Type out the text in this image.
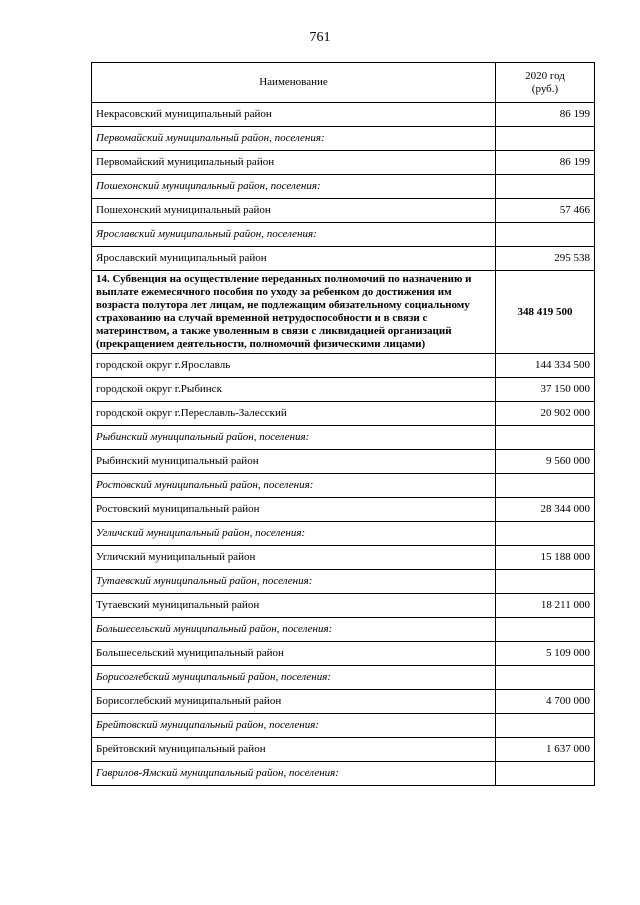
761
Наименование	2020 год
(руб.)

Некрасовский муниципальный район	86 199
Первомайский муниципальный район, поселения:	
Первомайский муниципальный район	86 199
Пошехонский муниципальный район, поселения:	
Пошехонский муниципальный район	57 466
Ярославский муниципальный район, поселения:	
Ярославский муниципальный район	295 538
14. Субвенция на осуществление переданных полномочий по назначению и выплате ежемесячного пособия по уходу за ребенком до достижения им возраста полутора лет лицам, не подлежащим обязательному социальному страхованию на случай временной нетрудоспособности и в связи с материнством, а также уволенным в связи с ликвидацией организаций (прекращением деятельности, полномочий физическими лицами)	348 419 500
городской округ г.Ярославль	144 334 500
городской округ г.Рыбинск	37 150 000
городской округ г.Переславль-Залесский	20 902 000
Рыбинский муниципальный район, поселения:	
Рыбинский муниципальный район	9 560 000
Ростовский муниципальный район, поселения:	
Ростовский муниципальный район	28 344 000
Угличский муниципальный район, поселения:	
Угличский муниципальный район	15 188 000
Тутаевский муниципальный район, поселения:	
Тутаевский муниципальный район	18 211 000
Большесельский муниципальный район, поселения:	
Большесельский муниципальный район	5 109 000
Борисоглебский муниципальный район, поселения:	
Борисоглебский муниципальный район	4 700 000
Брейтовский муниципальный район, поселения:	
Брейтовский муниципальный район	1 637 000
Гаврилов-Ямский муниципальный район, поселения:	
